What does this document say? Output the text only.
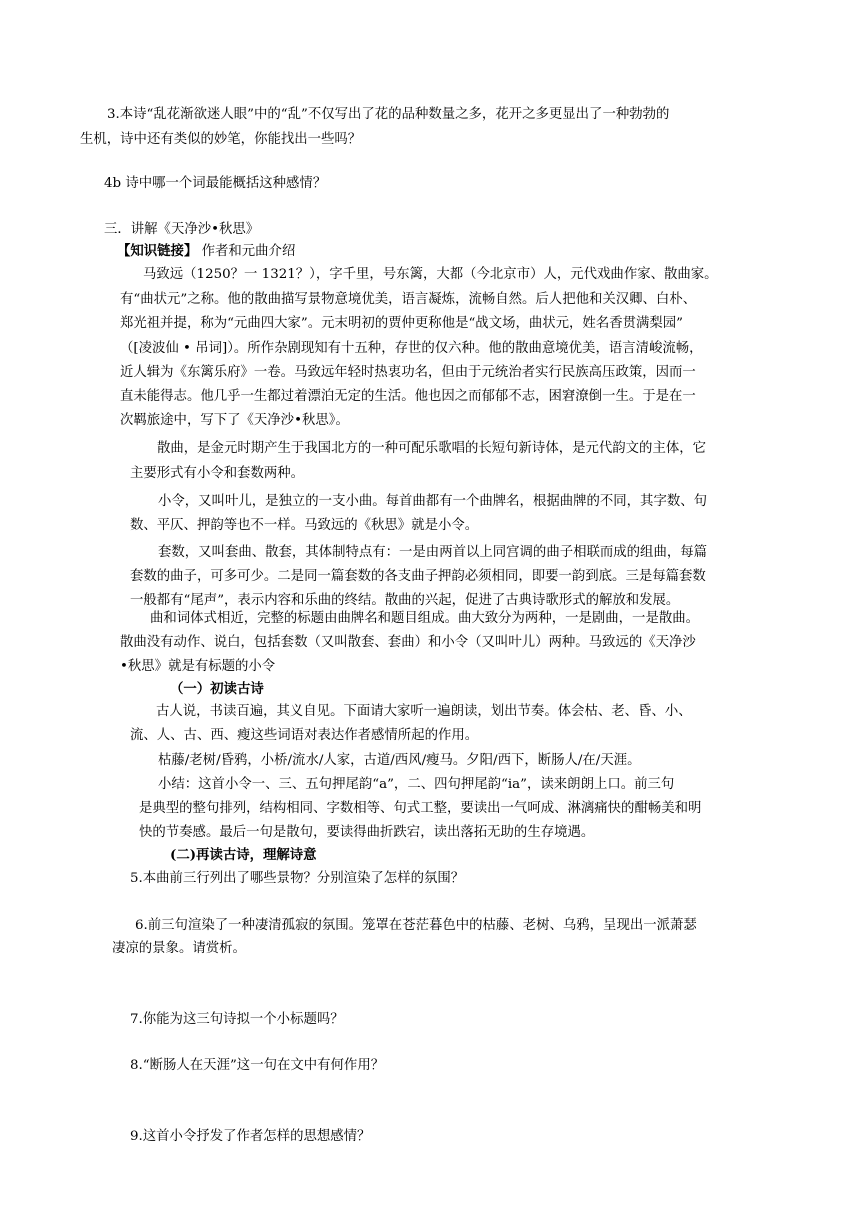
3.本诗“乱花渐欲迷人眼”中的“乱”不仅写出了花的品种数量之多，花开之多更显出了一种勃勃的
生机，诗中还有类似的妙笔，你能找出一些吗？
4b 诗中哪一个词最能概括这种感情？
三．讲解《天净沙•秋思》
【知识链接】 作者和元曲介绍
马致远（1250？一 1321？），字千里，号东篱，大都（今北京市）人，元代戏曲作家、散曲家。
有“曲状元”之称。他的散曲描写景物意境优美，语言凝炼，流畅自然。后人把他和关汉卿、白朴、
郑光祖并提，称为“元曲四大家”。元末明初的贾仲更称他是“战文场，曲状元，姓名香贯满梨园”
（[凌波仙 • 吊词]）。所作杂剧现知有十五种，存世的仅六种。他的散曲意境优美，语言清峻流畅，
近人辑为《东篱乐府》一卷。马致远年轻时热衷功名，但由于元统治者实行民族高压政策，因而一
直未能得志。他几乎一生都过着漂泊无定的生活。他也因之而郁郁不志，困窘潦倒一生。于是在一
次羁旅途中，写下了《天净沙•秋思》。
散曲，是金元时期产生于我国北方的一种可配乐歌唱的长短句新诗体，是元代韵文的主体，它
主要形式有小令和套数两种。
小令，又叫叶儿，是独立的一支小曲。每首曲都有一个曲牌名，根据曲牌的不同，其字数、句
数、平仄、押韵等也不一样。马致远的《秋思》就是小令。
套数，又叫套曲、散套，其体制特点有：一是由两首以上同宫调的曲子相联而成的组曲，每篇
套数的曲子，可多可少。二是同一篇套数的各支曲子押韵必须相同，即要一韵到底。三是每篇套数
一般都有“尾声”，表示内容和乐曲的终结。散曲的兴起，促进了古典诗歌形式的解放和发展。
曲和词体式相近，完整的标题由曲牌名和题目组成。曲大致分为两种，一是剧曲，一是散曲。
散曲没有动作、说白，包括套数（又叫散套、套曲）和小令（又叫叶儿）两种。马致远的《天净沙
•秋思》就是有标题的小令
（一）初读古诗
古人说，书读百遍，其义自见。下面请大家听一遍朗读，划出节奏。体会枯、老、昏、小、
流、人、古、西、瘦这些词语对表达作者感情所起的作用。
枯藤/老树/昏鸦，小桥/流水/人家，古道/西风/瘦马。夕阳/西下，断肠人/在/天涯。
小结：这首小令一、三、五句押尾韵“a”，二、四句押尾韵“ia”，读来朗朗上口。前三句
是典型的整句排列，结构相同、字数相等、句式工整，要读出一气呵成、淋漓痛快的酣畅美和明
快的节奏感。最后一句是散句，要读得曲折跌宕，读出落拓无助的生存境遇。
(二)再读古诗，理解诗意
5.本曲前三行列出了哪些景物？分别渲染了怎样的氛围？
6.前三句渲染了一种凄清孤寂的氛围。笼罩在苍茫暮色中的枯藤、老树、乌鸦，呈现出一派萧瑟
凄凉的景象。请赏析。
7.你能为这三句诗拟一个小标题吗？
8.“断肠人在天涯”这一句在文中有何作用？
9.这首小令抒发了作者怎样的思想感情？
